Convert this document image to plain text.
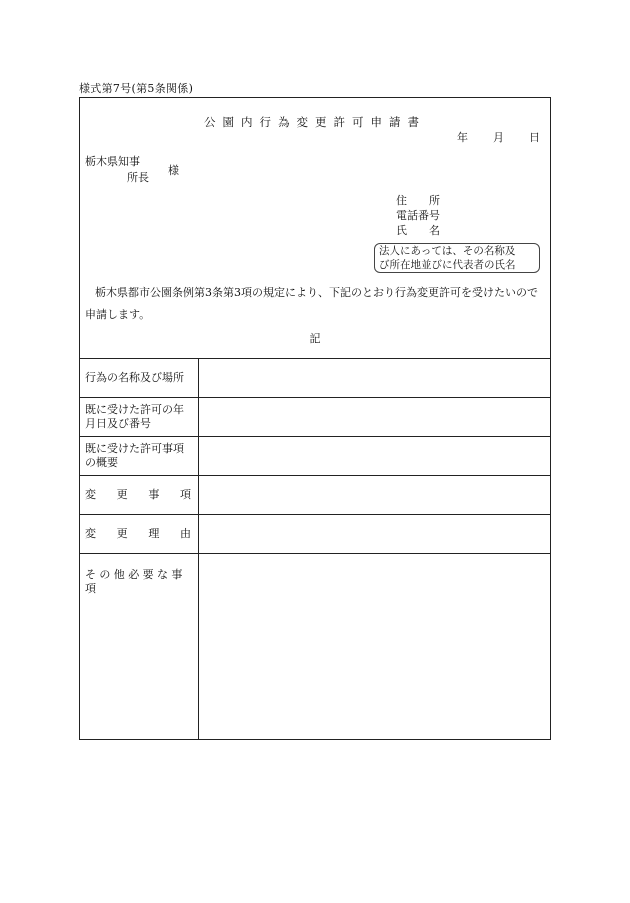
様式第7号(第5条関係)
公園内行為変更許可申請書
年 月 日
栃木県知事
所長
様
住所
電話番号
氏名
法人にあっては、その名称及
び所在地並びに代表者の氏名
栃木県都市公園条例第3条第3項の規定により、下記のとおり行為変更許可を受けたいので申請します。
記
行為の名称及び場所
既に受けた許可の年月日及び番号
既に受けた許可事項の概要
変 更 事 項
変 更 理 由
その他必要な事項
